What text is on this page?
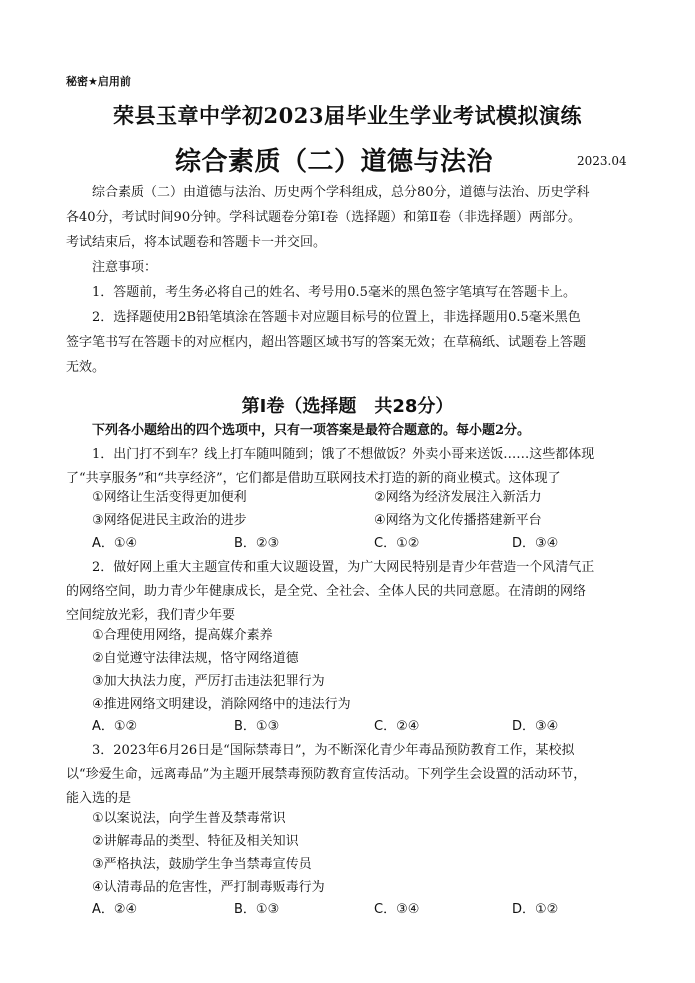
秘密★启用前
荣县玉章中学初2023届毕业生学业考试模拟演练
综合素质（二）道德与法治	2023.04
综合素质（二）由道德与法治、历史两个学科组成，总分80分，道德与法治、历史学科
各40分，考试时间90分钟。学科试题卷分第Ⅰ卷（选择题）和第Ⅱ卷（非选择题）两部分。
考试结束后，将本试题卷和答题卡一并交回。
注意事项：
1．答题前，考生务必将自己的姓名、考号用0.5毫米的黑色签字笔填写在答题卡上。
2．选择题使用2B铅笔填涂在答题卡对应题目标号的位置上，非选择题用0.5毫米黑色
签字笔书写在答题卡的对应框内，超出答题区域书写的答案无效；在草稿纸、试题卷上答题
无效。
第Ⅰ卷（选择题　共28分）
下列各小题给出的四个选项中，只有一项答案是最符合题意的。每小题2分。
1．出门打不到车？线上打车随叫随到；饿了不想做饭？外卖小哥来送饭……这些都体现
了“共享服务”和“共享经济”，它们都是借助互联网技术打造的新的商业模式。这体现了
①网络让生活变得更加便利	②网络为经济发展注入新活力
③网络促进民主政治的进步	④网络为文化传播搭建新平台
A．①④	B．②③	C．①②	D．③④
2．做好网上重大主题宣传和重大议题设置，为广大网民特别是青少年营造一个风清气正
的网络空间，助力青少年健康成长，是全党、全社会、全体人民的共同意愿。在清朗的网络
空间绽放光彩，我们青少年要
①合理使用网络，提高媒介素养
②自觉遵守法律法规，恪守网络道德
③加大执法力度，严厉打击违法犯罪行为
④推进网络文明建设，消除网络中的违法行为
A．①②	B．①③	C．②④	D．③④
3．2023年6月26日是“国际禁毒日”，为不断深化青少年毒品预防教育工作，某校拟
以“珍爱生命，远离毒品”为主题开展禁毒预防教育宣传活动。下列学生会设置的活动环节，
能入选的是
①以案说法，向学生普及禁毒常识
②讲解毒品的类型、特征及相关知识
③严格执法，鼓励学生争当禁毒宣传员
④认清毒品的危害性，严打制毒贩毒行为
A．②④	B．①③	C．③④	D．①②
